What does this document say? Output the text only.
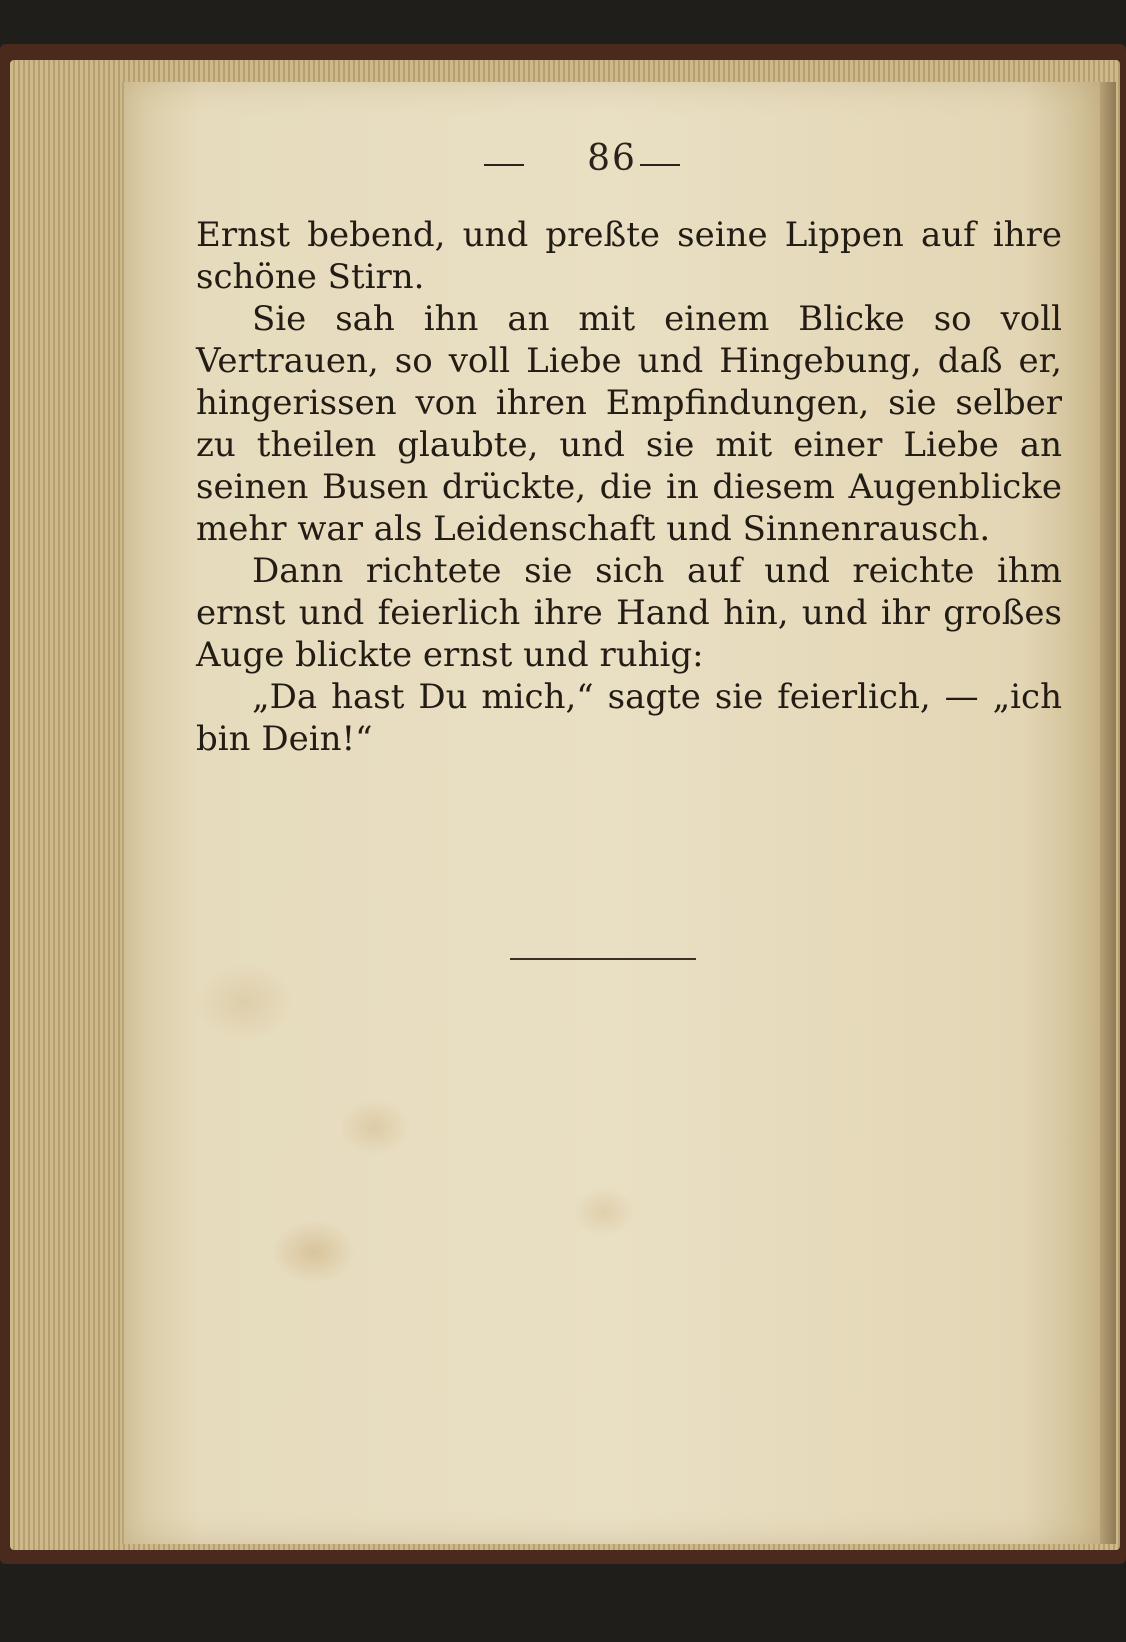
86

Ernst bebend, und preßte seine Lippen auf ihre schöne Stirn.

Sie sah ihn an mit einem Blicke so voll Vertrauen, so voll Liebe und Hingebung, daß er, hingerissen von ihren Empfindungen, sie selber zu theilen glaubte, und sie mit einer Liebe an seinen Busen drückte, die in diesem Augenblicke mehr war als Leidenschaft und Sinnenrausch.

Dann richtete sie sich auf und reichte ihm ernst und feierlich ihre Hand hin, und ihr großes Auge blickte ernst und ruhig:

„Da hast Du mich,“ sagte sie feierlich, — „ich bin Dein!“
